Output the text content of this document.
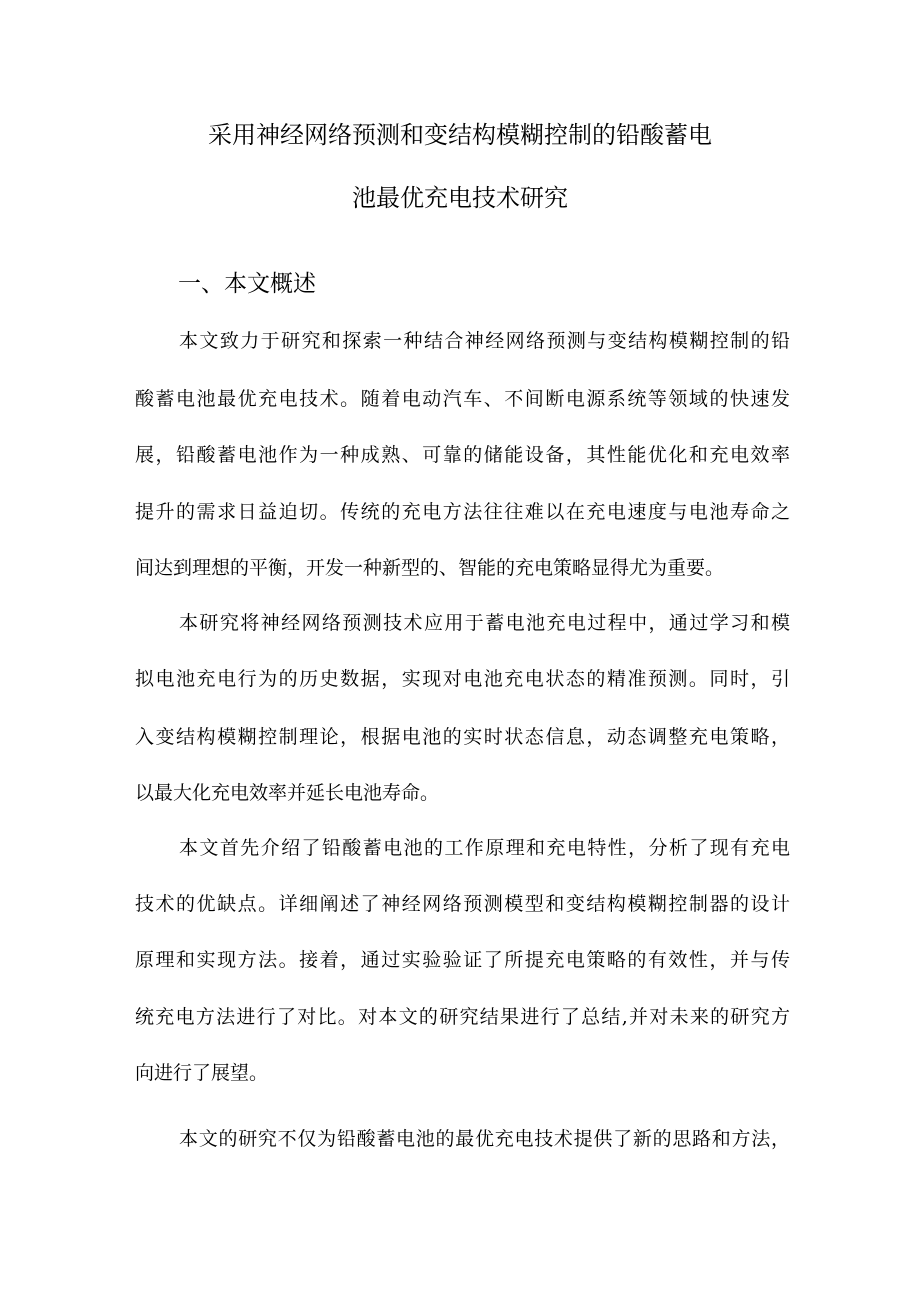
采用神经网络预测和变结构模糊控制的铅酸蓄电
池最优充电技术研究
一、本文概述
本文致力于研究和探索一种结合神经网络预测与变结构模糊控制的铅
酸蓄电池最优充电技术。随着电动汽车、不间断电源系统等领域的快速发
展，铅酸蓄电池作为一种成熟、可靠的储能设备，其性能优化和充电效率
提升的需求日益迫切。传统的充电方法往往难以在充电速度与电池寿命之
间达到理想的平衡，开发一种新型的、智能的充电策略显得尤为重要。
本研究将神经网络预测技术应用于蓄电池充电过程中，通过学习和模
拟电池充电行为的历史数据，实现对电池充电状态的精准预测。同时，引
入变结构模糊控制理论，根据电池的实时状态信息，动态调整充电策略，
以最大化充电效率并延长电池寿命。
本文首先介绍了铅酸蓄电池的工作原理和充电特性，分析了现有充电
技术的优缺点。详细阐述了神经网络预测模型和变结构模糊控制器的设计
原理和实现方法。接着，通过实验验证了所提充电策略的有效性，并与传
统充电方法进行了对比。对本文的研究结果进行了总结,并对未来的研究方
向进行了展望。
本文的研究不仅为铅酸蓄电池的最优充电技术提供了新的思路和方法，
